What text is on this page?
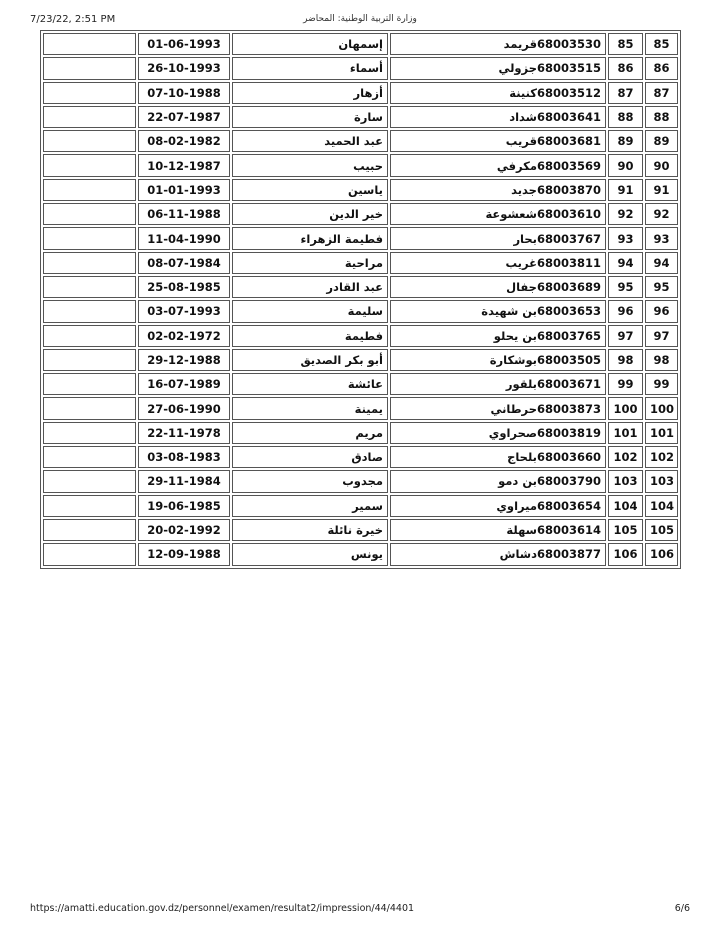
7/23/22, 2:51 PM	وزارة التربية الوطنية: المحاضر
	01-06-1993	إسمهان	68003530قريمد	85	85
	26-10-1993	أسماء	68003515جزولي	86	86
	07-10-1988	أزهار	68003512كنينة	87	87
	22-07-1987	سارة	68003641شداد	88	88
	08-02-1982	عبد الحميد	68003681قريب	89	89
	10-12-1987	حبيب	68003569مكرفي	90	90
	01-01-1993	ياسين	68003870جديد	91	91
	06-11-1988	خير الدين	68003610شعشوعة	92	92
	11-04-1990	فطيمة الزهراء	68003767بحار	93	93
	08-07-1984	مراحية	68003811غريب	94	94
	25-08-1985	عبد القادر	68003689جفال	95	95
	03-07-1993	سليمة	68003653بن شهيدة	96	96
	02-02-1972	فطيمة	68003765بن يحلو	97	97
	29-12-1988	أبو بكر الصديق	68003505بوشكارة	98	98
	16-07-1989	عائشة	68003671بلقور	99	99
	27-06-1990	يمينة	68003873حرطاني	100	100
	22-11-1978	مريم	68003819صحراوي	101	101
	03-08-1983	صادق	68003660بلحاج	102	102
	29-11-1984	مجدوب	68003790بن دمو	103	103
	19-06-1985	سمير	68003654ميراوي	104	104
	20-02-1992	خيرة نائلة	68003614سهلة	105	105
	12-09-1988	يونس	68003877دشاش	106	106
https://amatti.education.gov.dz/personnel/examen/resultat2/impression/44/4401	6/6
